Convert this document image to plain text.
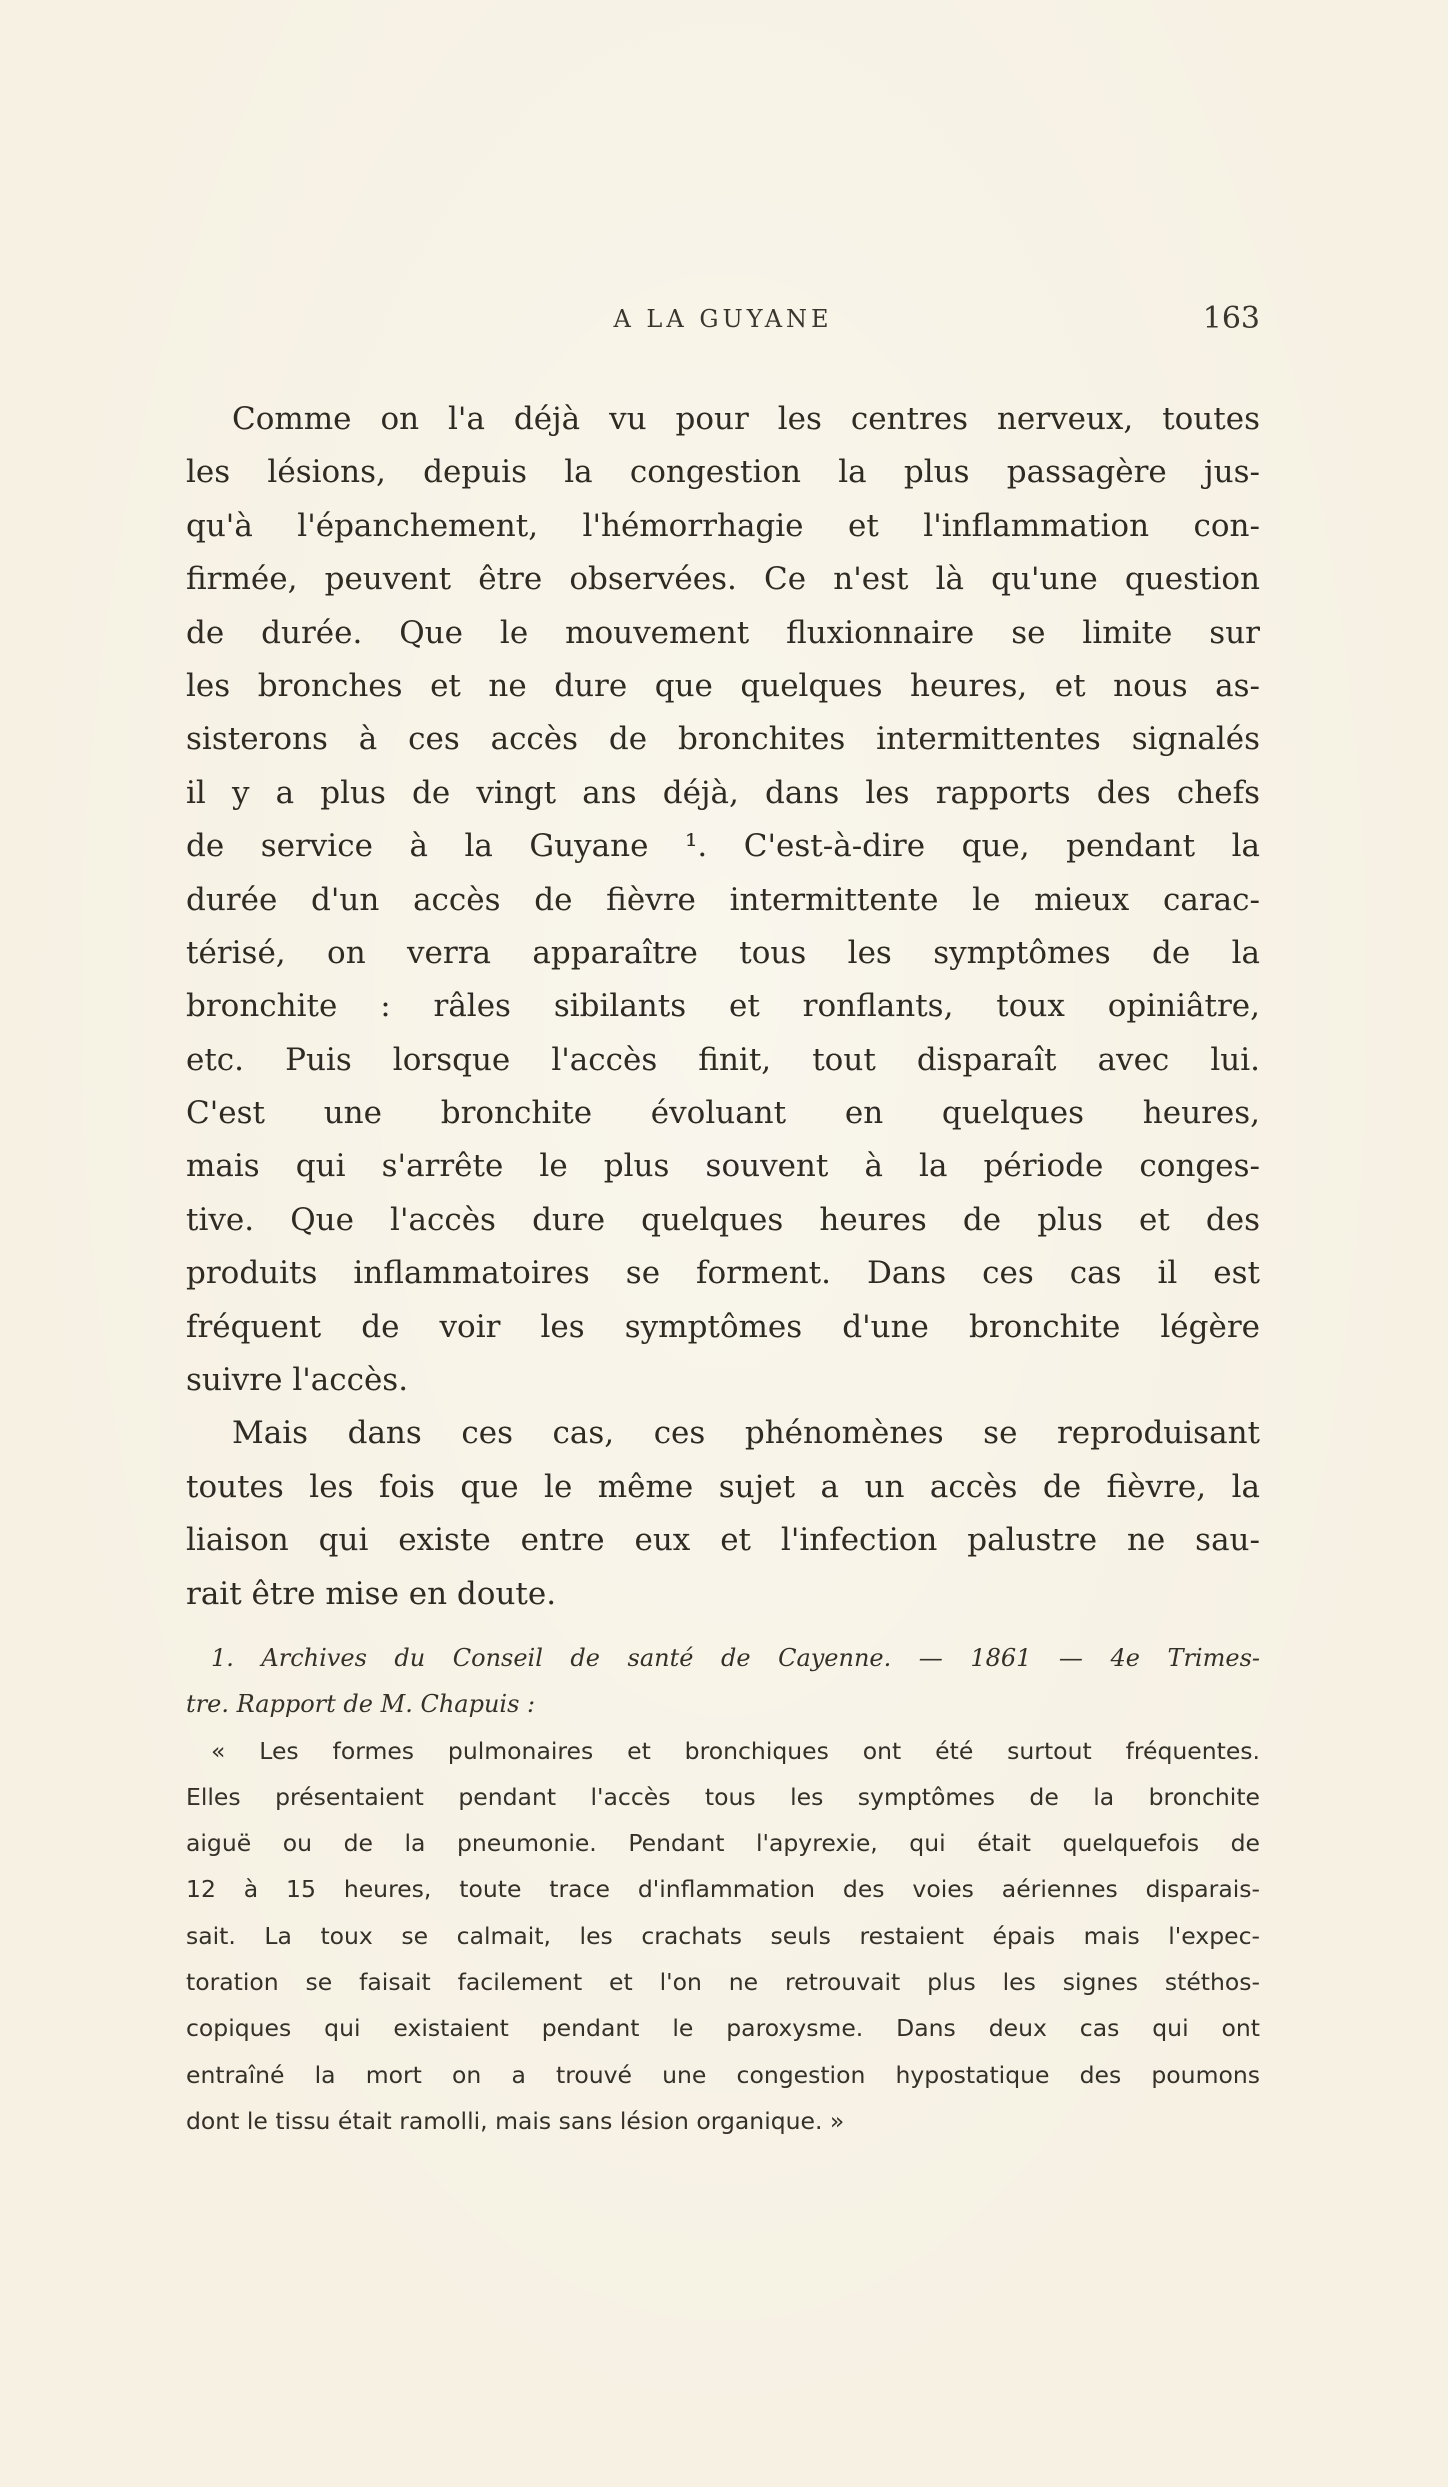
A LA GUYANE	163
Comme on l'a déjà vu pour les centres nerveux, toutes
les lésions, depuis la congestion la plus passagère jus-
qu'à l'épanchement, l'hémorrhagie et l'inflammation con-
firmée, peuvent être observées. Ce n'est là qu'une question
de durée. Que le mouvement fluxionnaire se limite sur
les bronches et ne dure que quelques heures, et nous as-
sisterons à ces accès de bronchites intermittentes signalés
il y a plus de vingt ans déjà, dans les rapports des chefs
de service à la Guyane ¹. C'est-à-dire que, pendant la
durée d'un accès de fièvre intermittente le mieux carac-
térisé, on verra apparaître tous les symptômes de la
bronchite : râles sibilants et ronflants, toux opiniâtre,
etc. Puis lorsque l'accès finit, tout disparaît avec lui.
C'est une bronchite évoluant en quelques heures,
mais qui s'arrête le plus souvent à la période conges-
tive. Que l'accès dure quelques heures de plus et des
produits inflammatoires se forment. Dans ces cas il est
fréquent de voir les symptômes d'une bronchite légère
suivre l'accès.
Mais dans ces cas, ces phénomènes se reproduisant
toutes les fois que le même sujet a un accès de fièvre, la
liaison qui existe entre eux et l'infection palustre ne sau-
rait être mise en doute.
1. Archives du Conseil de santé de Cayenne. — 1861 — 4e Trimes-
tre. Rapport de M. Chapuis :
« Les formes pulmonaires et bronchiques ont été surtout fréquentes.
Elles présentaient pendant l'accès tous les symptômes de la bronchite
aiguë ou de la pneumonie. Pendant l'apyrexie, qui était quelquefois de
12 à 15 heures, toute trace d'inflammation des voies aériennes disparais-
sait. La toux se calmait, les crachats seuls restaient épais mais l'expec-
toration se faisait facilement et l'on ne retrouvait plus les signes stéthos-
copiques qui existaient pendant le paroxysme. Dans deux cas qui ont
entraîné la mort on a trouvé une congestion hypostatique des poumons
dont le tissu était ramolli, mais sans lésion organique. »
